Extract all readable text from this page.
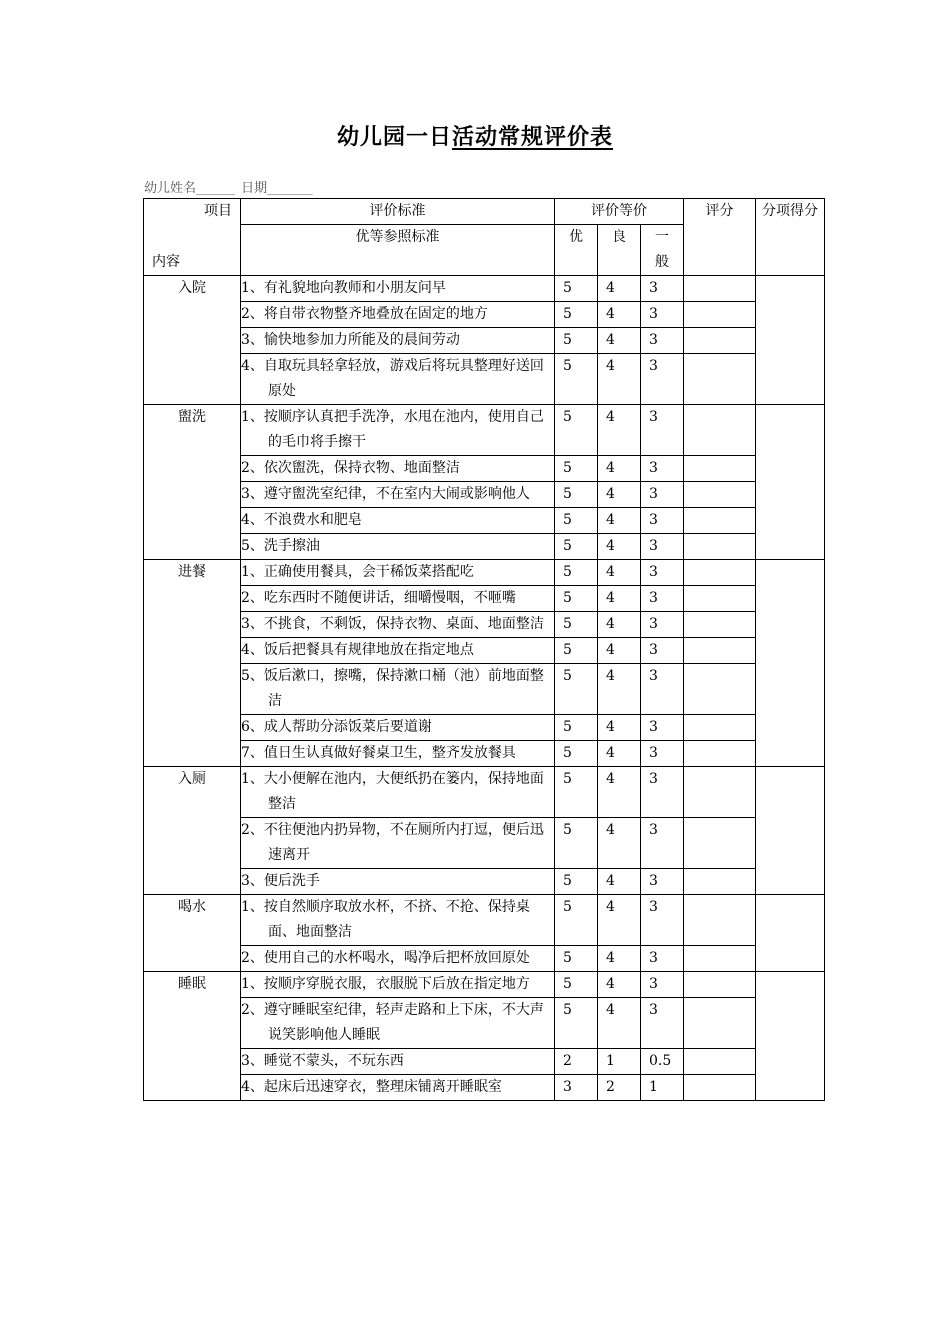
幼儿园一日活动常规评价表
幼儿姓名______ 日期_______
项目
内容	评价标准	评价等价			评分	分项得分
	优等参照标准	优	良	一般		
入院	1、有礼貌地向教师和小朋友问早	5	4	3		

	2、将自带衣物整齐地叠放在固定的地方	5	4	3		

	3、愉快地参加力所能及的晨间劳动	5	4	3		

	4、自取玩具轻拿轻放，游戏后将玩具整理好送回原处	5	4	3		
盥洗	1、按顺序认真把手洗净，水甩在池内，使用自己的毛巾将手擦干	5	4	3		

	2、依次盥洗，保持衣物、地面整洁	5	4	3		

	3、遵守盥洗室纪律，不在室内大闹或影响他人	5	4	3		

	4、不浪费水和肥皂	5	4	3		

	5、洗手擦油	5	4	3		
进餐	1、正确使用餐具，会干稀饭菜搭配吃	5	4	3		

	2、吃东西时不随便讲话，细嚼慢咽，不咂嘴	5	4	3		

	3、不挑食，不剩饭，保持衣物、桌面、地面整洁	5	4	3		

	4、饭后把餐具有规律地放在指定地点	5	4	3		

	5、饭后漱口，擦嘴，保持漱口桶（池）前地面整洁	5	4	3		

	6、成人帮助分添饭菜后要道谢	5	4	3		

	7、值日生认真做好餐桌卫生，整齐发放餐具	5	4	3		
入厕	1、大小便解在池内，大便纸扔在篓内，保持地面整洁	5	4	3		

	2、不往便池内扔异物，不在厕所内打逗，便后迅速离开	5	4	3		

	3、便后洗手	5	4	3		
喝水	1、按自然顺序取放水杯，不挤、不抢、保持桌面、地面整洁	5	4	3		

	2、使用自己的水杯喝水，喝净后把杯放回原处	5	4	3		
睡眠	1、按顺序穿脱衣服，衣服脱下后放在指定地方	5	4	3		

	2、遵守睡眠室纪律，轻声走路和上下床，不大声说笑影响他人睡眠	5	4	3		

	3、睡觉不蒙头，不玩东西	2	1	0.5		

	4、起床后迅速穿衣，整理床铺离开睡眠室	3	2	1		
